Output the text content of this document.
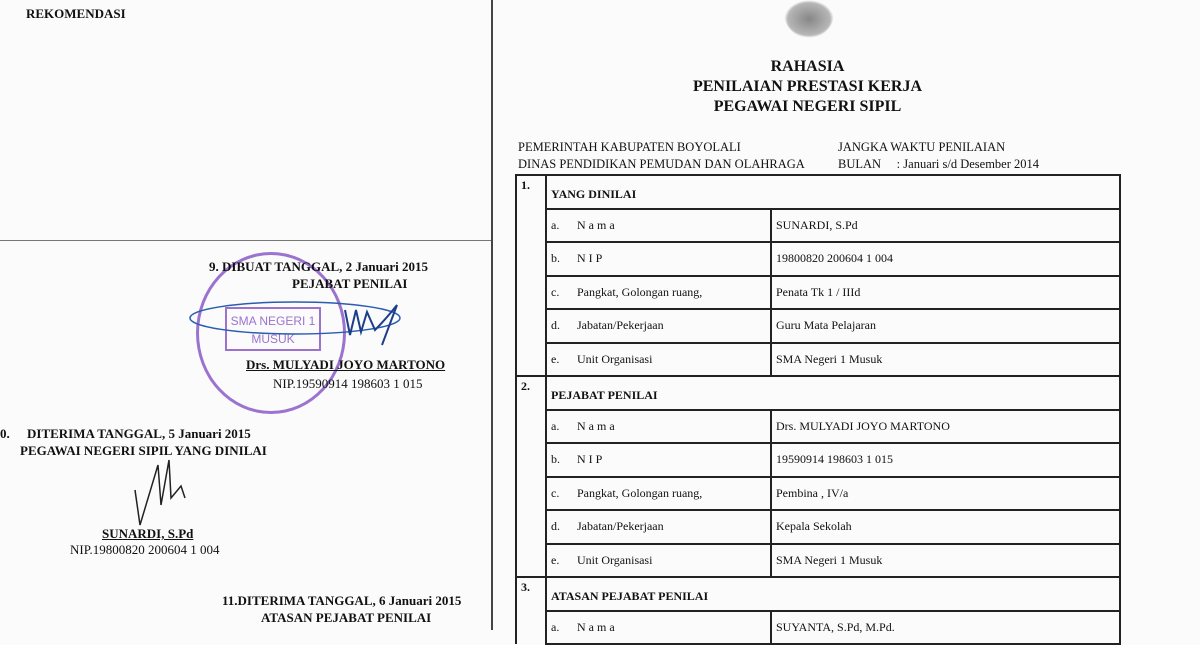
REKOMENDASI
SMA NEGERI 1 MUSUK
9. DIBUAT TANGGAL, 2 Januari 2015
PEJABAT PENILAI
Drs. MULYADI JOYO MARTONO
NIP.19590914 198603 1 015
0. DITERIMA TANGGAL, 5 Januari 2015
PEGAWAI NEGERI SIPIL YANG DINILAI
SUNARDI, S.Pd
NIP.19800820 200604 1 004
11.DITERIMA TANGGAL, 6 Januari 2015
ATASAN PEJABAT PENILAI
RAHASIA
PENILAIAN PRESTASI KERJA
PEGAWAI NEGERI SIPIL
PEMERINTAH KABUPATEN BOYOLALI
DINAS PENDIDIKAN PEMUDAN DAN OLAHRAGA
JANGKA WAKTU PENILAIAN
BULAN     : Januari s/d Desember 2014
1.	YANG DINILAI	
	a. N a m a	SUNARDI, S.Pd
	b. N I P	19800820 200604 1 004
	c. Pangkat, Golongan ruang,	Penata Tk 1 / IIId
	d. Jabatan/Pekerjaan	Guru Mata Pelajaran
	e. Unit Organisasi	SMA Negeri 1 Musuk
2.	PEJABAT PENILAI	
	a. N a m a	Drs. MULYADI JOYO MARTONO
	b. N I P	19590914 198603 1 015
	c. Pangkat, Golongan ruang,	Pembina , IV/a
	d. Jabatan/Pekerjaan	Kepala Sekolah
	e. Unit Organisasi	SMA Negeri 1 Musuk
3.	ATASAN PEJABAT PENILAI	
	a. N a m a	SUYANTA, S.Pd, M.Pd.
